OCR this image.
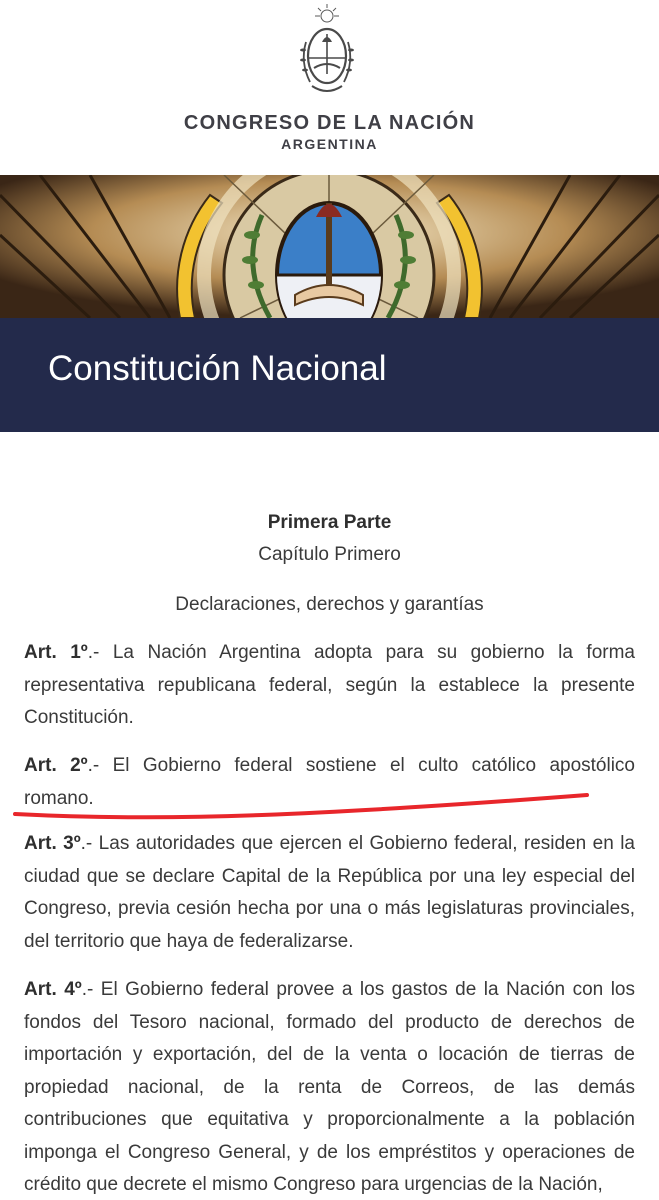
CONGRESO DE LA NACIÓN
ARGENTINA
Constitución Nacional
Primera Parte
Capítulo Primero
Declaraciones, derechos y garantías

Art. 1º.- La Nación Argentina adopta para su gobierno la forma representativa republicana federal, según la establece la presente Constitución.

Art. 2º.- El Gobierno federal sostiene el culto católico apostólico romano.

Art. 3º.- Las autoridades que ejercen el Gobierno federal, residen en la ciudad que se declare Capital de la República por una ley especial del Congreso, previa cesión hecha por una o más legislaturas provinciales, del territorio que haya de federalizarse.

Art. 4º.- El Gobierno federal provee a los gastos de la Nación con los fondos del Tesoro nacional, formado del producto de derechos de importación y exportación, del de la venta o locación de tierras de propiedad nacional, de la renta de Correos, de las demás contribuciones que equitativa y proporcionalmente a la población imponga el Congreso General, y de los empréstitos y operaciones de crédito que decrete el mismo Congreso para urgencias de la Nación,
